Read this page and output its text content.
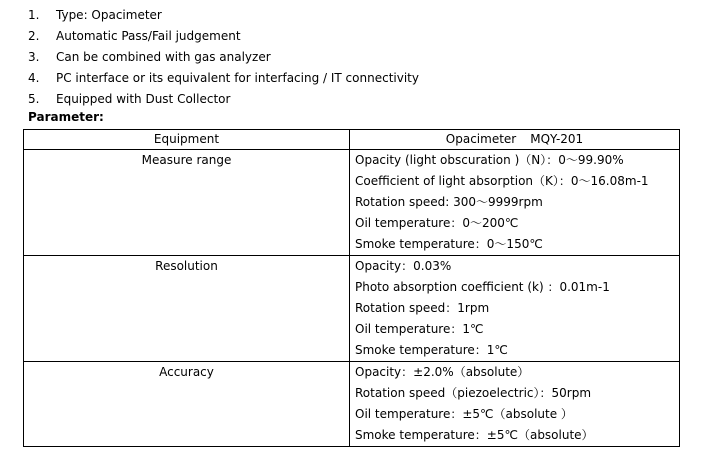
1. Type: Opacimeter
2. Automatic Pass/Fail judgement
3. Can be combined with gas analyzer
4. PC interface or its equivalent for interfacing / IT connectivity
5. Equipped with Dust Collector
Parameter:
Equipment	Opacimeter MQY-201
Measure range	Opacity (light obscuration )（N）：0～99.90%
Coefficient of light absorption（K）：0～16.08m-1
Rotation speed: 300～9999rpm
Oil temperature：0～200℃
Smoke temperature：0～150℃

Resolution	Opacity：0.03%
Photo absorption coefficient (k) ：0.01m-1
Rotation speed：1rpm
Oil temperature：1℃
Smoke temperature：1℃

Accuracy	Opacity：±2.0%（absolute）
Rotation speed（piezoelectric）：50rpm
Oil temperature：±5℃（absolute ）
Smoke temperature：±5℃（absolute）
